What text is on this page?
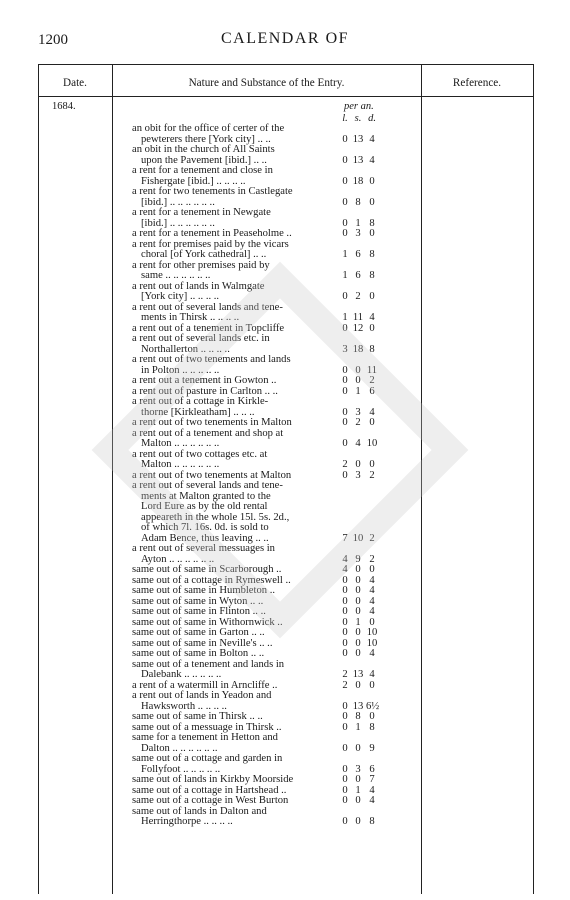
1200	CALENDAR OF
Date.	Nature and Substance of the Entry.	Reference.
1684.	per an.
l. s. d.
an obit for the office of certer of the
pewterers there [York city] .. ..	0 13 4
an obit in the church of All Saints
upon the Pavement [ibid.] .. ..	0 13 4
a rent for a tenement and close in
Fishergate [ibid.] .. .. .. ..	0 18 0
a rent for two tenements in Castlegate
[ibid.] .. .. .. .. .. ..	0 8 0
a rent for a tenement in Newgate
[ibid.] .. .. .. .. .. ..	0 1 8
a rent for a tenement in Peaseholme ..	0 3 0
a rent for premises paid by the vicars
choral [of York cathedral] .. ..	1 6 8
a rent for other premises paid by
same .. .. .. .. .. ..	1 6 8
a rent out of lands in Walmgate
[York city] .. .. .. ..	0 2 0
a rent out of several lands and tene-
ments in Thirsk .. .. .. ..	1 11 4
a rent out of a tenement in Topcliffe	0 12 0
a rent out of several lands etc. in
Northallerton .. .. .. ..	3 18 8
a rent out of two tenements and lands
in Polton .. .. .. .. ..	0 0 11
a rent out a tenement in Gowton ..	0 0 2
a rent out of pasture in Carlton .. ..	0 1 6
a rent out of a cottage in Kirkle-
thorne [Kirkleatham] .. .. ..	0 3 4
a rent out of two tenements in Malton	0 2 0
a rent out of a tenement and shop at
Malton .. .. .. .. .. ..	0 4 10
a rent out of two cottages etc. at
Malton .. .. .. .. .. ..	2 0 0
a rent out of two tenements at Malton	0 3 2
a rent out of several lands and tene-
ments at Malton granted to the
Lord Eure as by the old rental
appeareth in the whole 15l. 5s. 2d.,
of which 7l. 16s. 0d. is sold to
Adam Bence, thus leaving .. ..	7 10 2
a rent out of several messuages in
Ayton .. .. .. .. .. ..	4 9 2
same out of same in Scarborough ..	4 0 0
same out of a cottage in Rymeswell ..	0 0 4
same out of same in Humbleton ..	0 0 4
same out of same in Wyton .. ..	0 0 4
same out of same in Flinton .. ..	0 0 4
same out of same in Withornwick ..	0 1 0
same out of same in Garton .. ..	0 0 10
same out of same in Neville's .. ..	0 0 10
same out of same in Bolton .. ..	0 0 4
same out of a tenement and lands in
Dalebank .. .. .. .. ..	2 13 4
a rent of a watermill in Arncliffe ..	2 0 0
a rent out of lands in Yeadon and
Hawksworth .. .. .. ..	0 13 6½
same out of same in Thirsk .. ..	0 8 0
same out of a messuage in Thirsk ..	0 1 8
same for a tenement in Hetton and
Dalton .. .. .. .. .. ..	0 0 9
same out of a cottage and garden in
Follyfoot .. .. .. .. ..	0 3 6
same out of lands in Kirkby Moorside	0 0 7
same out of a cottage in Hartshead ..	0 1 4
same out of a cottage in West Burton	0 0 4
same out of lands in Dalton and
Herringthorpe .. .. .. ..	0 0 8
